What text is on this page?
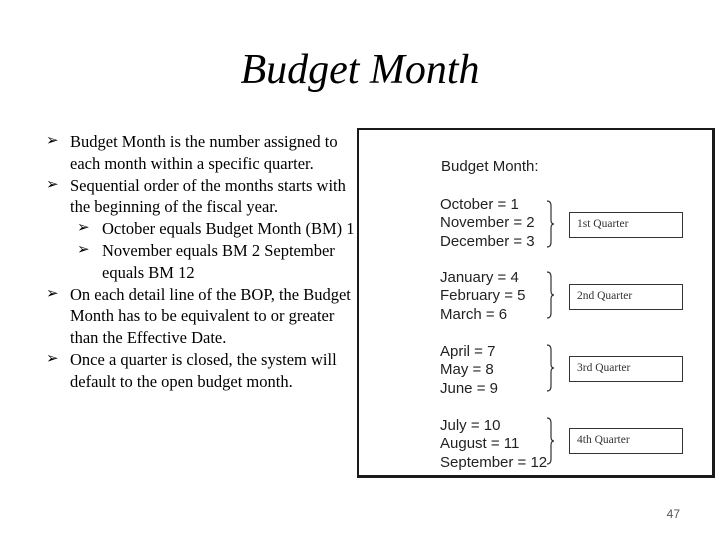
Budget Month
➢ Budget Month is the number assigned to each month within a specific quarter.
➢ Sequential order of the months starts with the beginning of the fiscal year.
➢ October equals Budget Month (BM) 1
➢ November equals BM 2 September equals BM 12
➢ On each detail line of the BOP, the Budget Month has to be equivalent to or greater than the Effective Date.
➢ Once a quarter is closed, the system will default to the open budget month.
Budget Month:
October = 1
November = 2
December = 3
1st Quarter
January = 4
February = 5
March = 6
2nd Quarter
April = 7
May = 8
June = 9
3rd Quarter
July = 10
August = 11
September = 12
4th Quarter
47
